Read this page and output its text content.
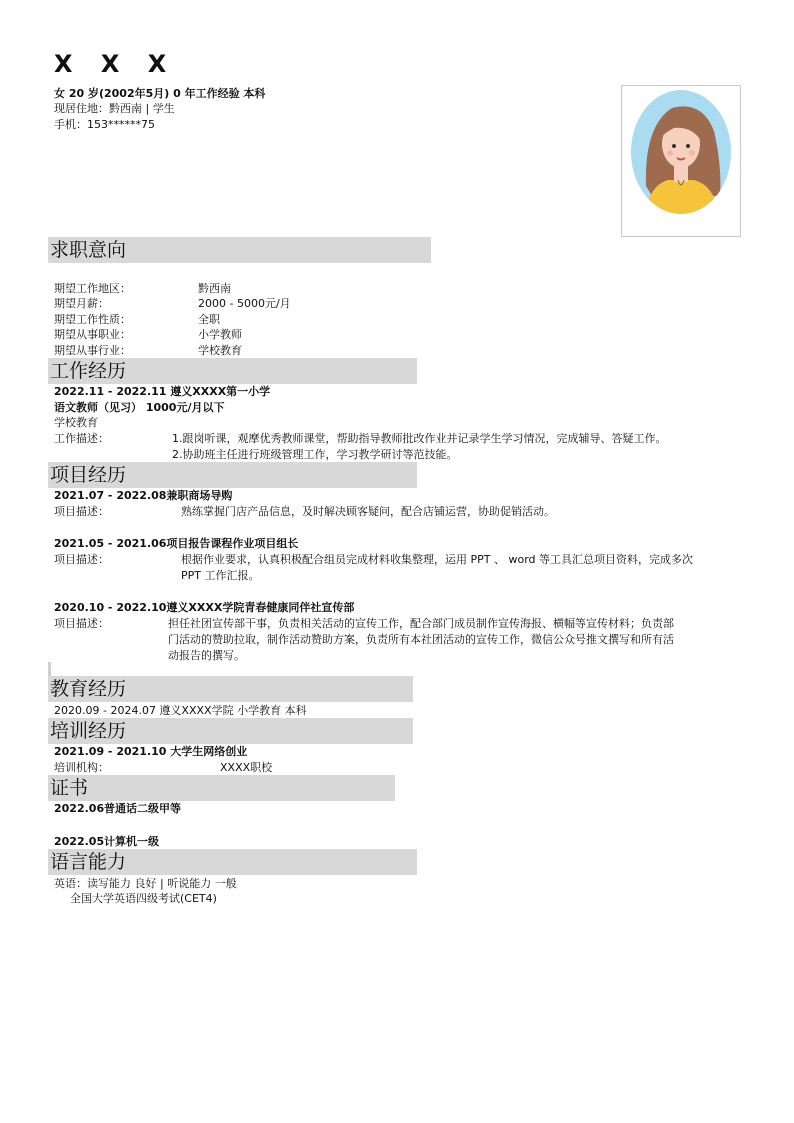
X X X
女 20 岁(2002年5月) 0 年工作经验 本科
现居住地：黔西南 | 学生
手机：153******75
求职意向
期望工作地区：	黔西南
期望月薪：	2000 - 5000元/月
期望工作性质：	全职
期望从事职业：	小学教师
期望从事行业：	学校教育
工作经历
2022.11 - 2022.11 遵义XXXX第一小学
语文教师（见习） 1000元/月以下
学校教育
工作描述：	1.跟岗听课，观摩优秀教师课堂，帮助指导教师批改作业并记录学生学习情况，完成辅导、答疑工作。
2.协助班主任进行班级管理工作，学习教学研讨等范技能。
项目经历
2021.07 - 2022.08兼职商场导购
项目描述：	熟练掌握门店产品信息，及时解决顾客疑问，配合店铺运营，协助促销活动。
2021.05 - 2021.06项目报告课程作业项目组长
项目描述：	根据作业要求，认真积极配合组员完成材料收集整理，运用 PPT 、 word 等工具汇总项目资料，完成多次
PPT 工作汇报。
2020.10 - 2022.10遵义XXXX学院青春健康同伴社宣传部
项目描述：	担任社团宣传部干事，负责相关活动的宣传工作，配合部门成员制作宣传海报、横幅等宣传材料；负责部
门活动的赞助拉取，制作活动赞助方案，负责所有本社团活动的宣传工作，微信公众号推文撰写和所有活
动报告的撰写。
教育经历
2020.09 - 2024.07 遵义XXXX学院 小学教育 本科
培训经历
2021.09 - 2021.10 大学生网络创业
培训机构：	XXXX职校
证书
2022.06 普通话二级甲等
2022.05 计算机一级
语言能力
英语：读写能力 良好 | 听说能力 一般
全国大学英语四级考试(CET4)
